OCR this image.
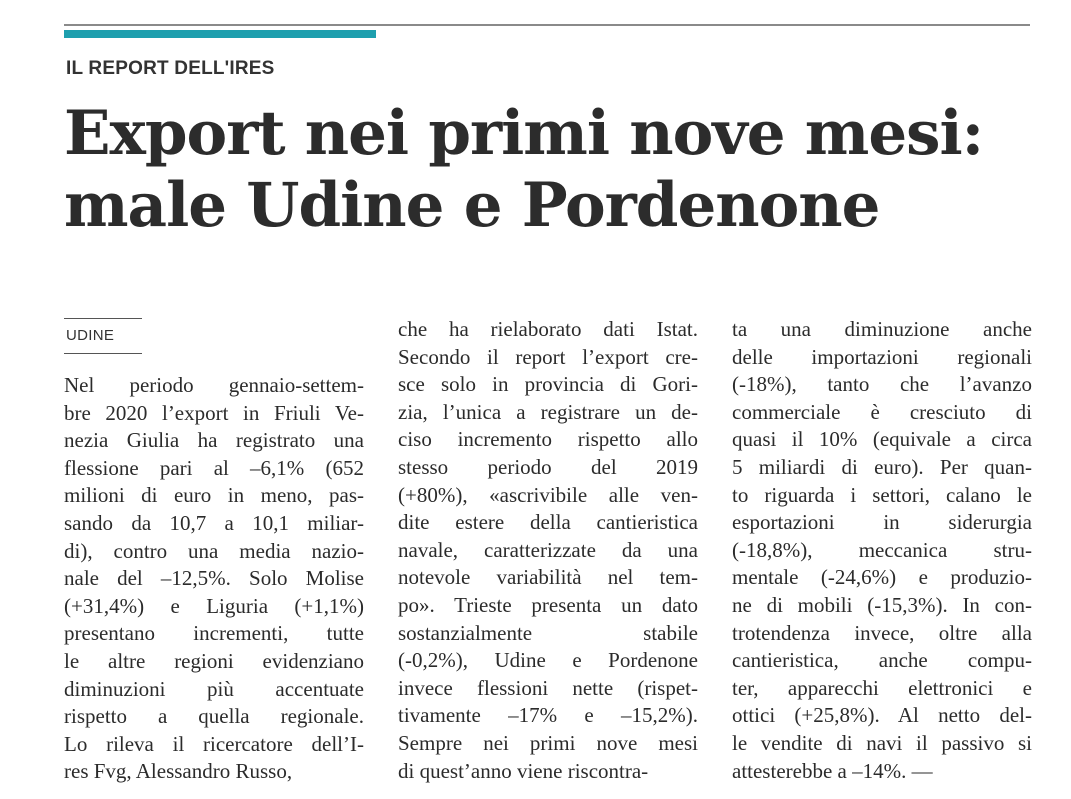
IL REPORT DELL'IRES
Export nei primi nove mesi:
male Udine e Pordenone
UDINE
Nel periodo gennaio-settem-
bre 2020 l’export in Friuli Ve-
nezia Giulia ha registrato una
flessione pari al –6,1% (652
milioni di euro in meno, pas-
sando da 10,7 a 10,1 miliar-
di), contro una media nazio-
nale del –12,5%. Solo Molise
(+31,4%) e Liguria (+1,1%)
presentano incrementi, tutte
le altre regioni evidenziano
diminuzioni più accentuate
rispetto a quella regionale.
Lo rileva il ricercatore dell’I-
res Fvg, Alessandro Russo,
che ha rielaborato dati Istat.
Secondo il report l’export cre-
sce solo in provincia di Gori-
zia, l’unica a registrare un de-
ciso incremento rispetto allo
stesso periodo del 2019
(+80%), «ascrivibile alle ven-
dite estere della cantieristica
navale, caratterizzate da una
notevole variabilità nel tem-
po». Trieste presenta un dato
sostanzialmente stabile
(-0,2%), Udine e Pordenone
invece flessioni nette (rispet-
tivamente –17% e –15,2%).
Sempre nei primi nove mesi
di quest’anno viene riscontra-
ta una diminuzione anche
delle importazioni regionali
(-18%), tanto che l’avanzo
commerciale è cresciuto di
quasi il 10% (equivale a circa
5 miliardi di euro). Per quan-
to riguarda i settori, calano le
esportazioni in siderurgia
(-18,8%), meccanica stru-
mentale (-24,6%) e produzio-
ne di mobili (-15,3%). In con-
trotendenza invece, oltre alla
cantieristica, anche compu-
ter, apparecchi elettronici e
ottici (+25,8%). Al netto del-
le vendite di navi il passivo si
attesterebbe a –14%. —
